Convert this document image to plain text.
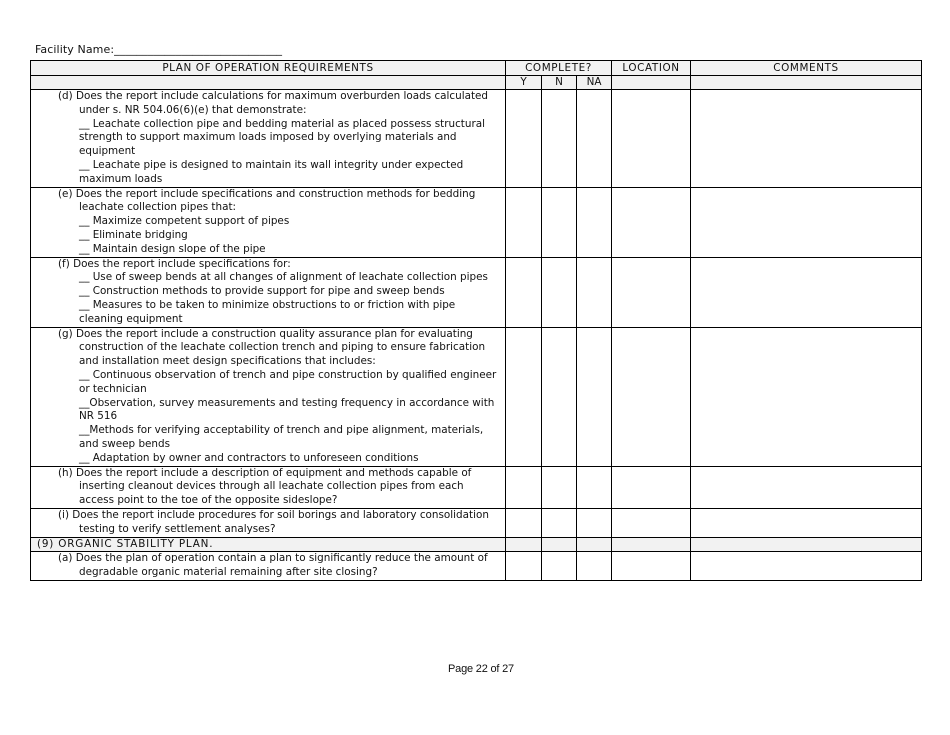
Facility Name:______________________________
PLAN OF OPERATION REQUIREMENTS	COMPLETE?			LOCATION	COMMENTS
	Y	N	NA		

(d) Does the report include calculations for maximum overburden loads calculated under s. NR 504.06(6)(e) that demonstrate:
__ Leachate collection pipe and bedding material as placed possess structural strength to support maximum loads imposed by overlying materials and equipment
__ Leachate pipe is designed to maintain its wall integrity under expected maximum loads					

(e) Does the report include specifications and construction methods for bedding leachate collection pipes that:
__ Maximize competent support of pipes
__ Eliminate bridging
__ Maintain design slope of the pipe					

(f) Does the report include specifications for:
__ Use of sweep bends at all changes of alignment of leachate collection pipes
__ Construction methods to provide support for pipe and sweep bends
__ Measures to be taken to minimize obstructions to or friction with pipe cleaning equipment					

(g) Does the report include a construction quality assurance plan for evaluating construction of the leachate collection trench and piping to ensure fabrication and installation meet design specifications that includes:
__ Continuous observation of trench and pipe construction by qualified engineer or technician
__Observation, survey measurements and testing frequency in accordance with NR 516
__Methods for verifying acceptability of trench and pipe alignment, materials, and sweep bends
__ Adaptation by owner and contractors to unforeseen conditions					

(h) Does the report include a description of equipment and methods capable of inserting cleanout devices through all leachate collection pipes from each access point to the toe of the opposite sideslope?					

(i) Does the report include procedures for soil borings and laboratory consolidation testing to verify settlement analyses?					

(9) ORGANIC STABILITY PLAN.					

(a) Does the plan of operation contain a plan to significantly reduce the amount of degradable organic material remaining after site closing?					

Page 22 of 27
